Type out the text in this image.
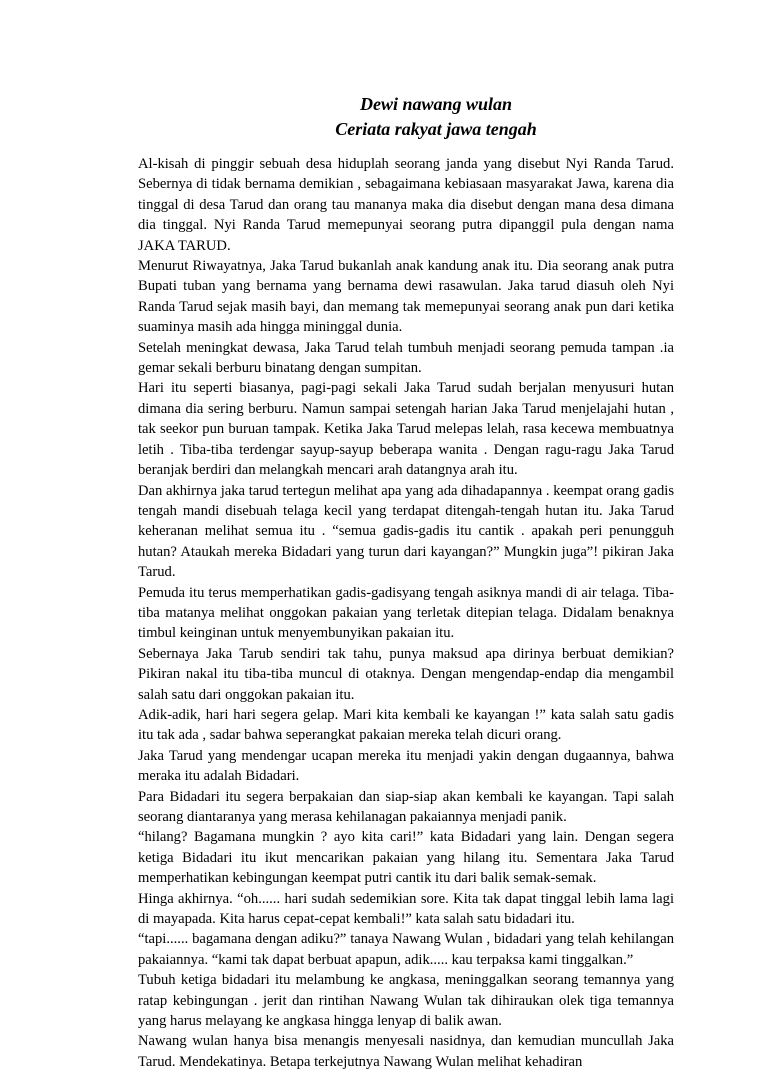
Dewi nawang wulan

Ceriata rakyat jawa tengah

Al-kisah di pinggir sebuah desa hiduplah seorang janda yang disebut Nyi Randa Tarud. Sebernya di tidak bernama demikian , sebagaimana kebiasaan masyarakat Jawa, karena dia tinggal di desa Tarud dan orang tau mananya maka dia disebut dengan mana desa dimana dia tinggal. Nyi Randa Tarud memepunyai seorang putra dipanggil pula dengan nama JAKA TARUD.

Menurut Riwayatnya, Jaka Tarud bukanlah anak kandung anak itu. Dia seorang anak putra Bupati tuban yang bernama yang bernama dewi rasawulan. Jaka tarud diasuh oleh Nyi Randa Tarud sejak masih bayi, dan memang tak memepunyai seorang anak pun dari ketika suaminya masih ada hingga mininggal dunia.

Setelah meningkat dewasa, Jaka Tarud telah tumbuh menjadi seorang pemuda tampan .ia gemar sekali berburu binatang dengan sumpitan.

Hari itu seperti biasanya, pagi-pagi sekali Jaka Tarud sudah berjalan menyusuri hutan dimana dia sering berburu. Namun sampai setengah harian Jaka Tarud menjelajahi hutan , tak seekor pun buruan tampak. Ketika Jaka Tarud melepas lelah, rasa kecewa membuatnya letih . Tiba-tiba terdengar sayup-sayup beberapa wanita . Dengan ragu-ragu Jaka Tarud beranjak berdiri dan melangkah mencari arah datangnya arah itu.

Dan akhirnya jaka tarud tertegun melihat apa yang ada dihadapannya . keempat orang gadis tengah mandi disebuah telaga kecil yang terdapat ditengah-tengah hutan itu. Jaka Tarud keheranan melihat semua itu . “semua gadis-gadis itu cantik . apakah peri penungguh hutan? Ataukah mereka Bidadari yang turun dari kayangan?” Mungkin juga”! pikiran Jaka Tarud.

Pemuda itu terus memperhatikan gadis-gadisyang tengah asiknya mandi di air telaga. Tiba-tiba matanya melihat onggokan pakaian yang terletak ditepian telaga. Didalam benaknya timbul keinginan untuk menyembunyikan pakaian itu.

Sebernaya Jaka Tarub sendiri tak tahu, punya maksud apa dirinya berbuat demikian? Pikiran nakal itu tiba-tiba muncul di otaknya. Dengan mengendap-endap dia mengambil salah satu dari onggokan pakaian itu.

Adik-adik, hari hari segera gelap. Mari kita kembali ke kayangan !” kata salah satu gadis itu tak ada , sadar bahwa seperangkat pakaian mereka telah dicuri orang.

Jaka Tarud yang mendengar ucapan mereka itu menjadi yakin dengan dugaannya, bahwa meraka itu adalah Bidadari.

Para Bidadari itu segera berpakaian dan siap-siap akan kembali ke kayangan. Tapi salah seorang diantaranya yang merasa kehilanagan pakaiannya menjadi panik.

“hilang? Bagamana mungkin ? ayo kita cari!” kata Bidadari yang lain. Dengan segera ketiga Bidadari itu ikut mencarikan pakaian yang hilang itu. Sementara Jaka Tarud memperhatikan kebingungan keempat putri cantik itu dari balik semak-semak.

Hinga akhirnya. “oh...... hari sudah sedemikian sore. Kita tak dapat tinggal lebih lama lagi di mayapada. Kita harus cepat-cepat kembali!” kata salah satu bidadari itu.

“tapi...... bagamana dengan adiku?” tanaya Nawang Wulan , bidadari yang telah kehilangan pakaiannya. “kami tak dapat berbuat apapun, adik..... kau terpaksa kami tinggalkan.”

Tubuh ketiga bidadari itu melambung ke angkasa, meninggalkan seorang temannya yang ratap kebingungan . jerit dan rintihan Nawang Wulan tak dihiraukan olek tiga temannya yang harus melayang ke angkasa hingga lenyap di balik awan.

Nawang wulan hanya bisa menangis menyesali nasidnya, dan kemudian muncullah Jaka Tarud. Mendekatinya. Betapa terkejutnya Nawang Wulan melihat kehadiran
